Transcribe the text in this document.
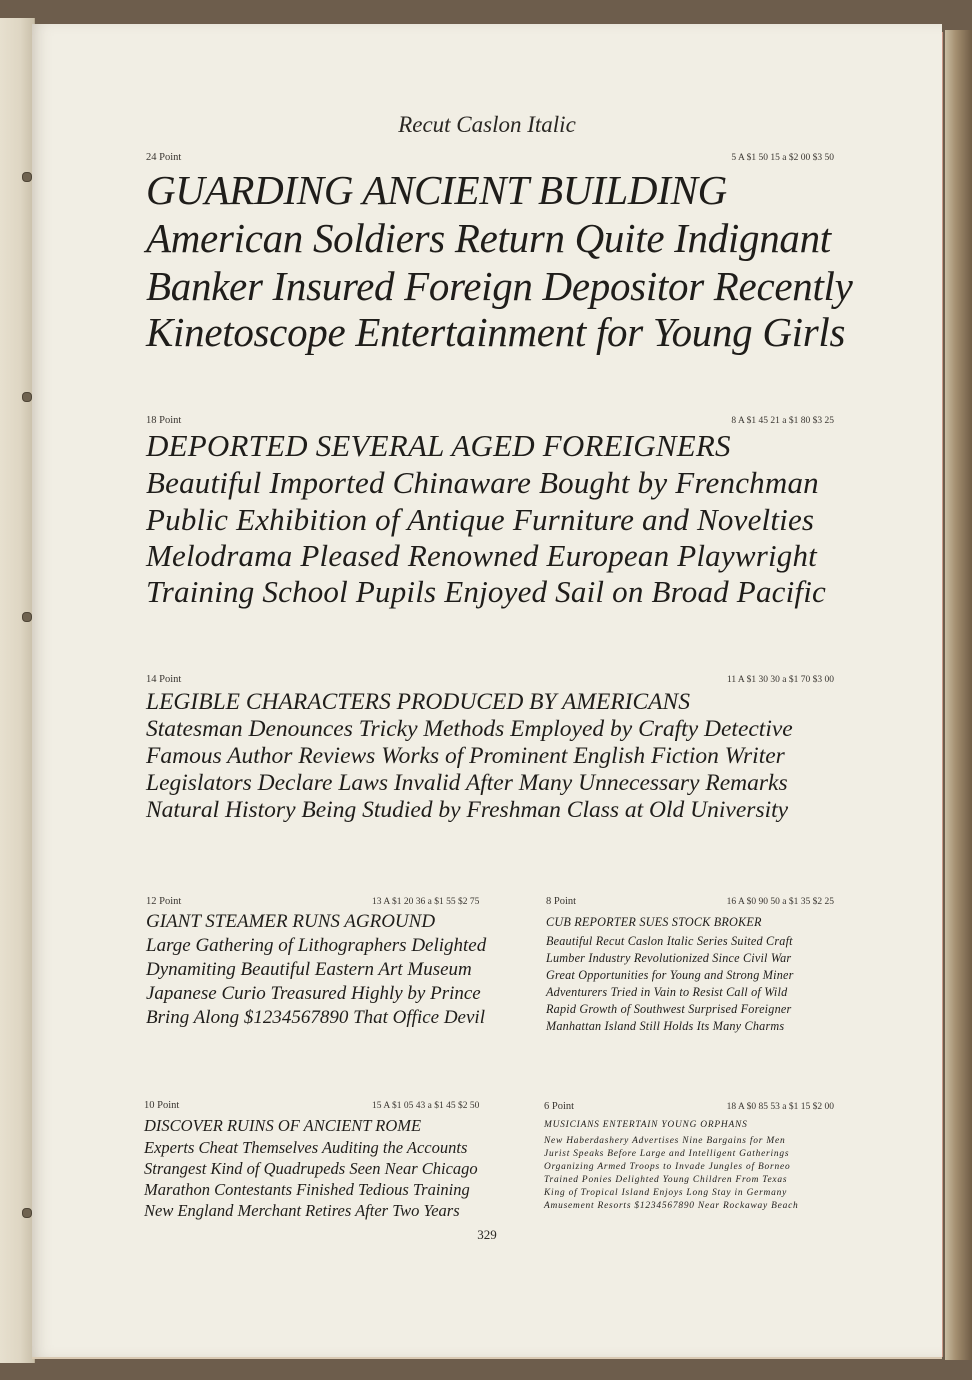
Recut Caslon Italic
24 Point	5 A $1 50 15 a $2 00 $3 50
GUARDING ANCIENT BUILDING
American Soldiers Return Quite Indignant
Banker Insured Foreign Depositor Recently
Kinetoscope Entertainment for Young Girls
18 Point	8 A $1 45 21 a $1 80 $3 25
DEPORTED SEVERAL AGED FOREIGNERS
Beautiful Imported Chinaware Bought by Frenchman
Public Exhibition of Antique Furniture and Novelties
Melodrama Pleased Renowned European Playwright
Training School Pupils Enjoyed Sail on Broad Pacific
14 Point	11 A $1 30 30 a $1 70 $3 00
LEGIBLE CHARACTERS PRODUCED BY AMERICANS
Statesman Denounces Tricky Methods Employed by Crafty Detective
Famous Author Reviews Works of Prominent English Fiction Writer
Legislators Declare Laws Invalid After Many Unnecessary Remarks
Natural History Being Studied by Freshman Class at Old University
12 Point	13 A $1 20 36 a $1 55 $2 75
GIANT STEAMER RUNS AGROUND
Large Gathering of Lithographers Delighted
Dynamiting Beautiful Eastern Art Museum
Japanese Curio Treasured Highly by Prince
Bring Along $1234567890 That Office Devil
8 Point	16 A $0 90 50 a $1 35 $2 25
CUB REPORTER SUES STOCK BROKER
Beautiful Recut Caslon Italic Series Suited Craft
Lumber Industry Revolutionized Since Civil War
Great Opportunities for Young and Strong Miner
Adventurers Tried in Vain to Resist Call of Wild
Rapid Growth of Southwest Surprised Foreigner
Manhattan Island Still Holds Its Many Charms
10 Point	15 A $1 05 43 a $1 45 $2 50
DISCOVER RUINS OF ANCIENT ROME
Experts Cheat Themselves Auditing the Accounts
Strangest Kind of Quadrupeds Seen Near Chicago
Marathon Contestants Finished Tedious Training
New England Merchant Retires After Two Years
6 Point	18 A $0 85 53 a $1 15 $2 00
MUSICIANS ENTERTAIN YOUNG ORPHANS
New Haberdashery Advertises Nine Bargains for Men
Jurist Speaks Before Large and Intelligent Gatherings
Organizing Armed Troops to Invade Jungles of Borneo
Trained Ponies Delighted Young Children From Texas
King of Tropical Island Enjoys Long Stay in Germany
Amusement Resorts $1234567890 Near Rockaway Beach
329
